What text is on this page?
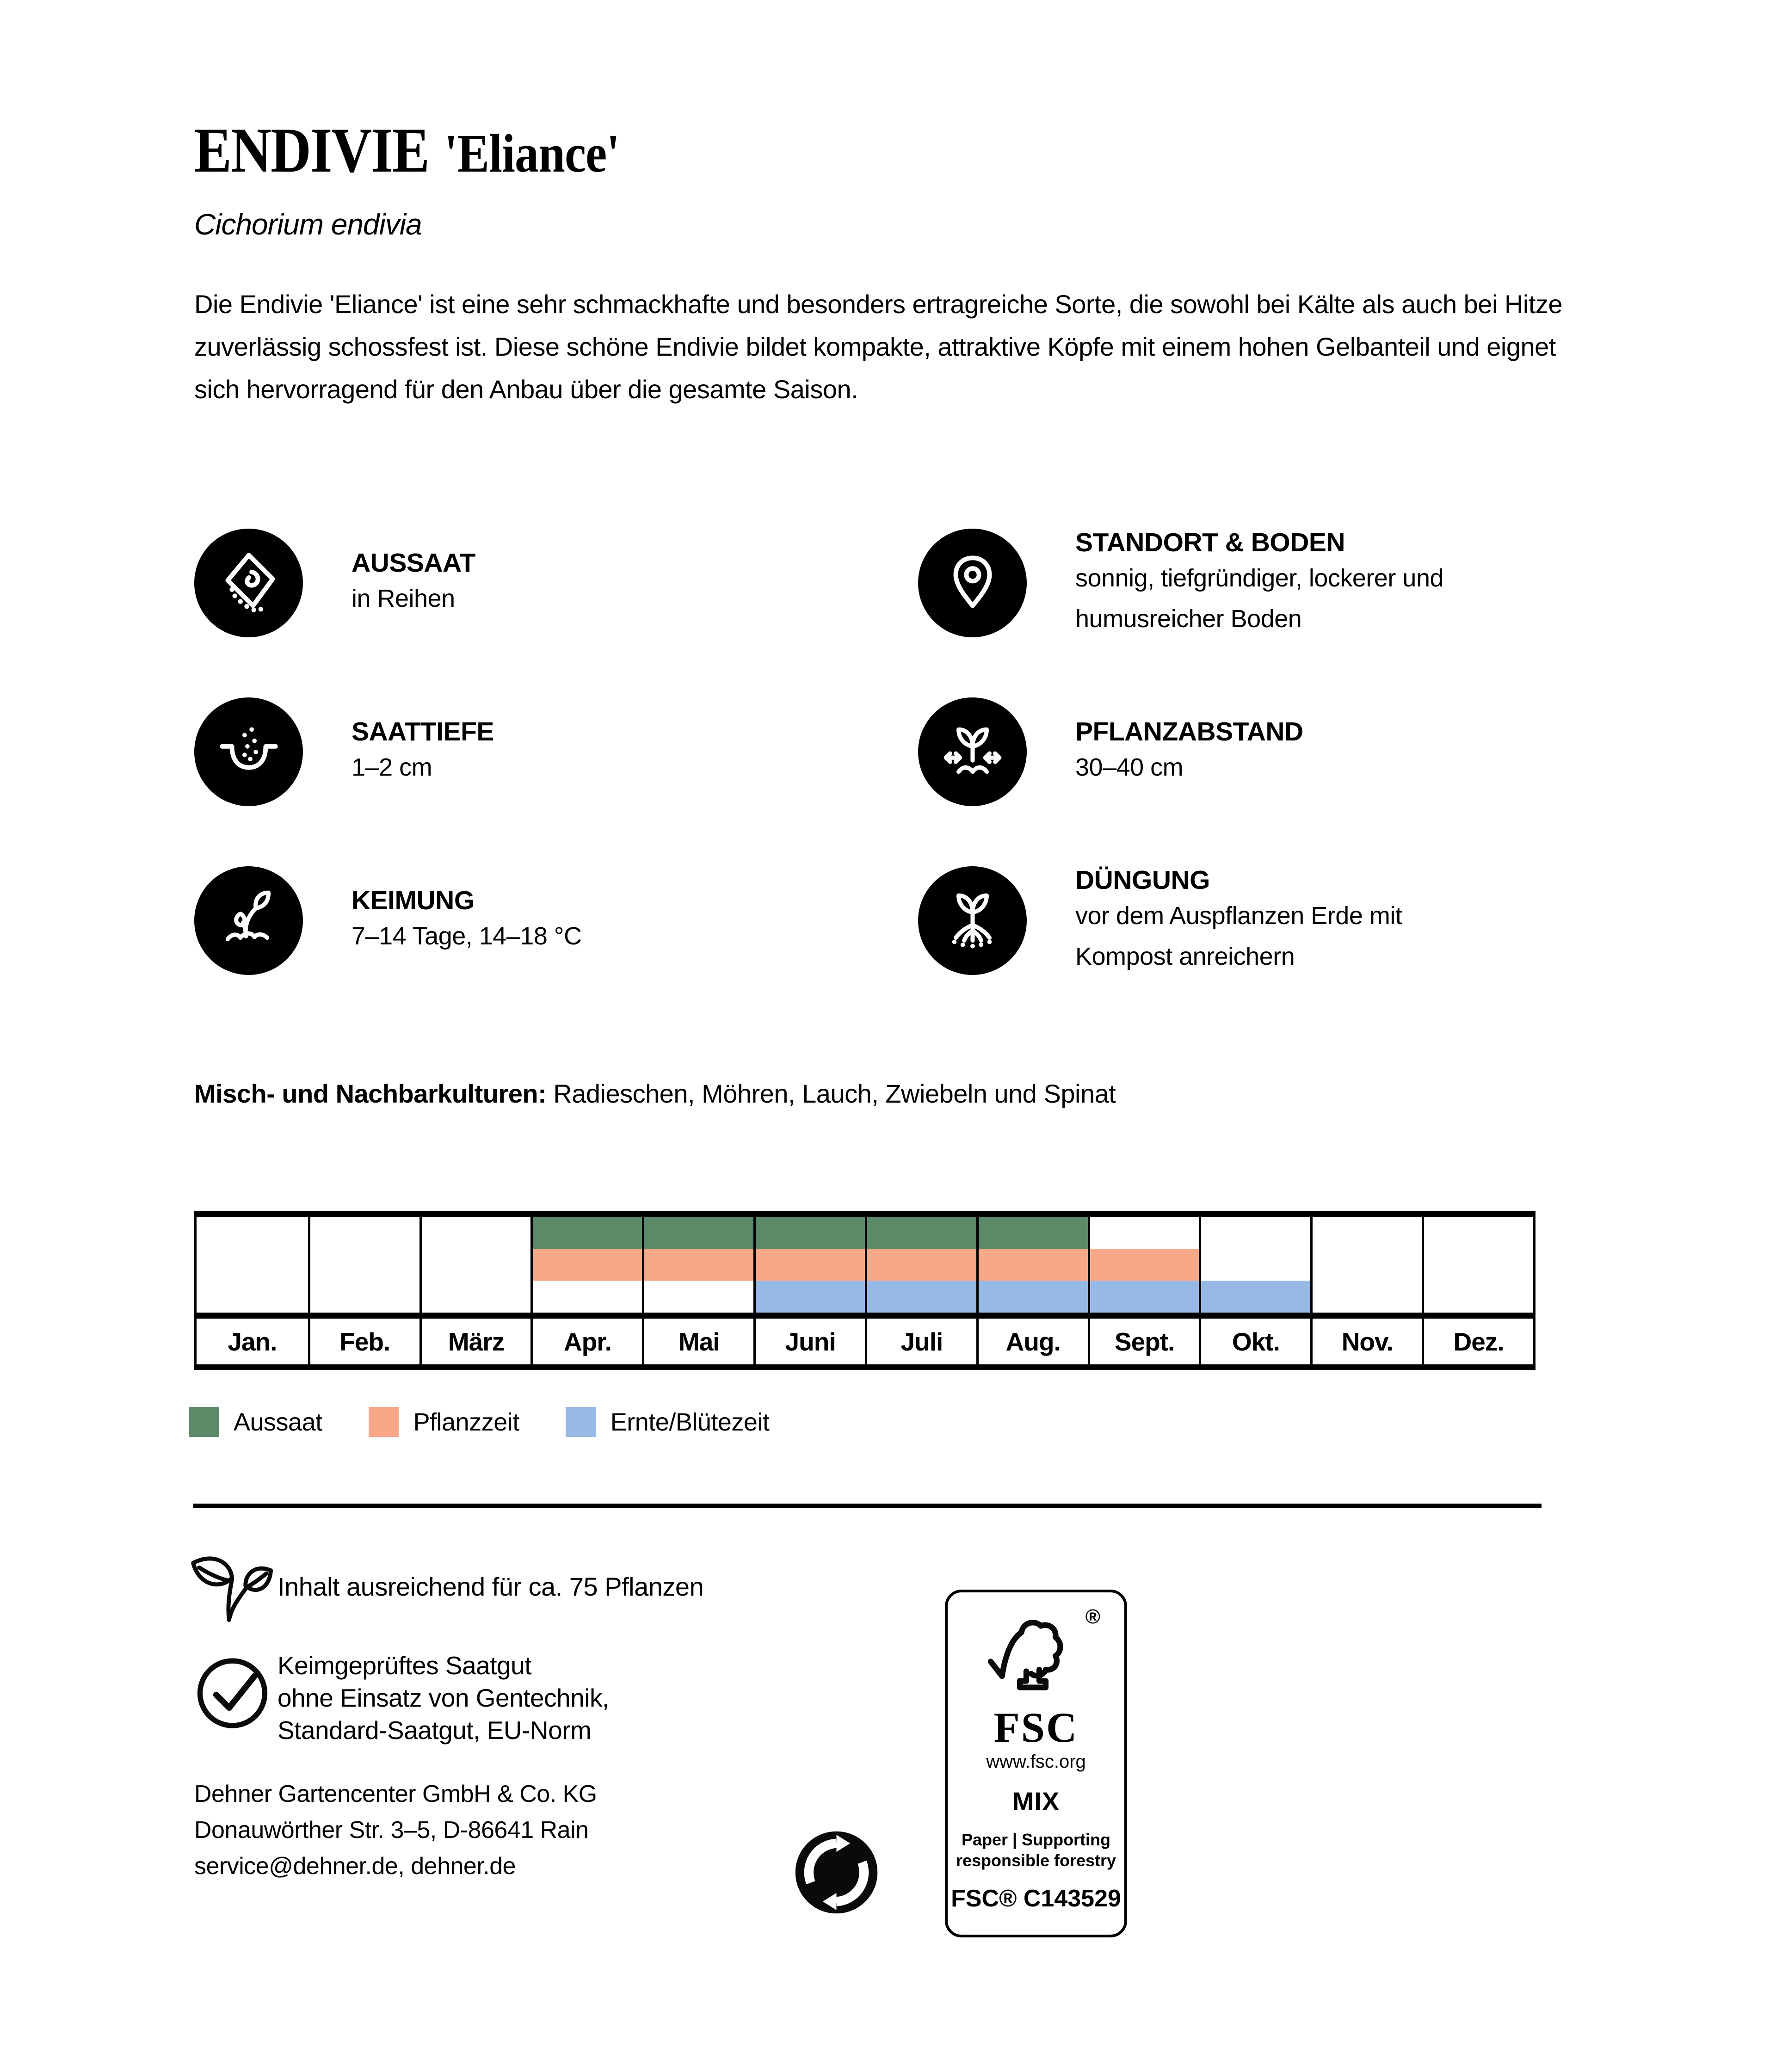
ENDIVIE 'Eliance'
Cichorium endivia
Die Endivie 'Eliance' ist eine sehr schmackhafte und besonders ertragreiche Sorte, die sowohl bei Kälte als auch bei Hitze zuverlässig schossfest ist. Diese schöne Endivie bildet kompakte, attraktive Köpfe mit einem hohen Gelbanteil und eignet sich hervorragend für den Anbau über die gesamte Saison.
AUSSAAT
in Reihen
STANDORT & BODEN
sonnig, tiefgründiger, lockerer und humusreicher Boden
SAATTIEFE
1–2 cm
PFLANZABSTAND
30–40 cm
KEIMUNG
7–14 Tage, 14–18 °C
DÜNGUNG
vor dem Auspflanzen Erde mit Kompost anreichern
Misch- und Nachbarkulturen: Radieschen, Möhren, Lauch, Zwiebeln und Spinat
Jan.	Feb.	März	Apr.	Mai	Juni	Juli	Aug.	Sept.	Okt.	Nov.	Dez.
Aussaat	Pflanzzeit	Ernte/Blütezeit
Inhalt ausreichend für ca. 75 Pflanzen
Keimgeprüftes Saatgut
ohne Einsatz von Gentechnik,
Standard-Saatgut, EU-Norm
Dehner Gartencenter GmbH & Co. KG
Donauwörther Str. 3–5, D-86641 Rain
service@dehner.de, dehner.de
®
FSC
www.fsc.org
MIX
Paper | Supporting
responsible forestry
FSC® C143529
